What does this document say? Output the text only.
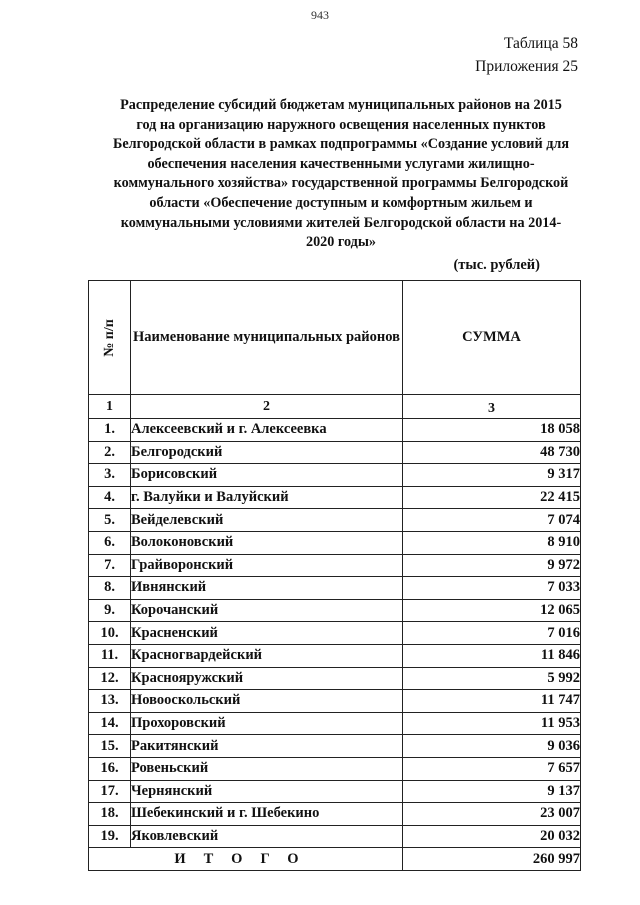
943
Таблица 58
Приложения 25
Распределение субсидий бюджетам муниципальных районов на 2015
год на организацию наружного освещения населенных пунктов
Белгородской области в рамках подпрограммы «Создание условий для
обеспечения населения качественными услугами жилищно-
коммунального хозяйства» государственной программы Белгородской
области «Обеспечение доступным и комфортным жильем и
коммунальными условиями жителей Белгородской области на 2014-
2020 годы»
(тыс. рублей)
№ п/п	Наименование муниципальных районов	СУММА
1	2	3
1.	Алексеевский и г. Алексеевка	18 058
2.	Белгородский	48 730
3.	Борисовский	9 317
4.	г. Валуйки и Валуйский	22 415
5.	Вейделевский	7 074
6.	Волоконовский	8 910
7.	Грайворонский	9 972
8.	Ивнянский	7 033
9.	Корочанский	12 065
10.	Красненский	7 016
11.	Красногвардейский	11 846
12.	Краснояружский	5 992
13.	Новооскольский	11 747
14.	Прохоровский	11 953
15.	Ракитянский	9 036
16.	Ровеньский	7 657
17.	Чернянский	9 137
18.	Шебекинский и г. Шебекино	23 007
19.	Яковлевский	20 032
ИТОГО		260 997
